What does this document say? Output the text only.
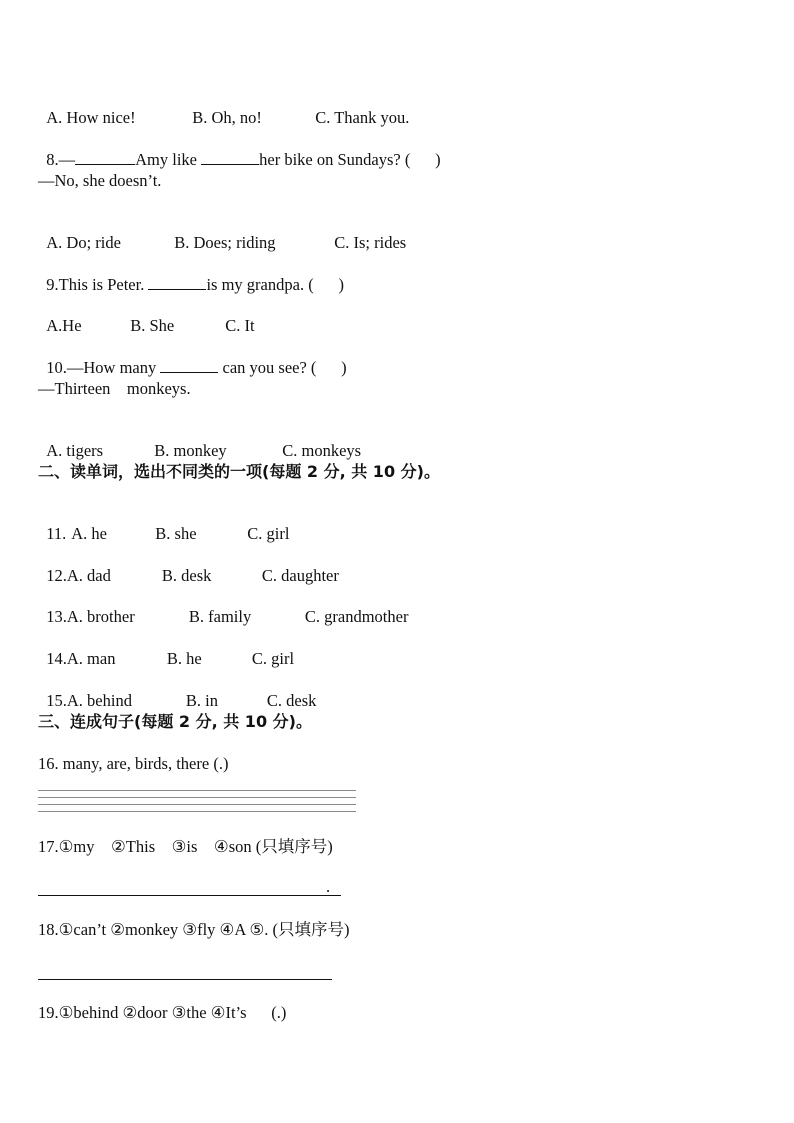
A. How nice!	B. Oh, no!	C. Thank you.

8.—	Amy like	her bike on Sundays? (      )

—No, she doesn’t.

A. Do; ride	B. Does; riding	C. Is; rides

9.This is Peter.	is my grandpa. (      )

A.He	B. She	C. It

10.—How many	can you see? (      )

—Thirteen    monkeys.

A. tigers	B. monkey	C. monkeys

二、读单词，选出不同类的一项(每题 2 分, 共 10 分)。

11. A. he	B. she	C. girl

12.A. dad	B. desk	C. daughter

13.A. brother	B. family	C. grandmother

14.A. man	B. he	C. girl

15.A. behind	B. in	C. desk

三、连成句子(每题 2 分, 共 10 分)。
16. many, are, birds, there (.)
17.①my    ②This    ③is    ④son (只填序号)
.
18.①can’t ②monkey ③fly ④A ⑤. (只填序号)
19.①behind ②door ③the ④It’s      (.)
